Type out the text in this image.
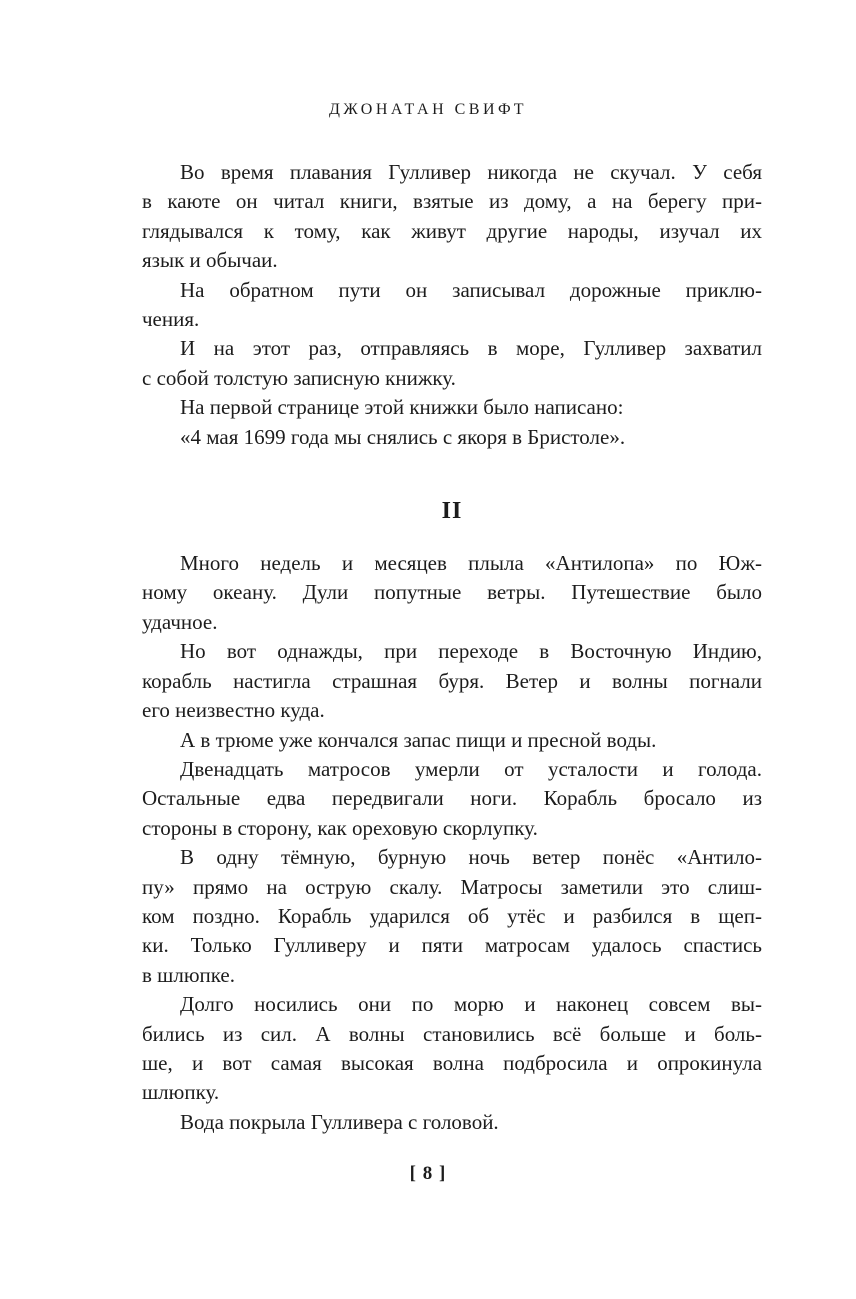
ДЖОНАТАН СВИФТ
Во время плавания Гулливер никогда не скучал. У себя
в каюте он читал книги, взятые из дому, а на берегу при-
глядывался к тому, как живут другие народы, изучал их
язык и обычаи.
На обратном пути он записывал дорожные приклю-
чения.
И на этот раз, отправляясь в море, Гулливер захватил
с собой толстую записную книжку.
На первой странице этой книжки было написано:
«4 мая 1699 года мы снялись с якоря в Бристоле».
II
Много недель и месяцев плыла «Антилопа» по Юж-
ному океану. Дули попутные ветры. Путешествие было
удачное.
Но вот однажды, при переходе в Восточную Индию,
корабль настигла страшная буря. Ветер и волны погнали
его неизвестно куда.
А в трюме уже кончался запас пищи и пресной воды.
Двенадцать матросов умерли от усталости и голода.
Остальные едва передвигали ноги. Корабль бросало из
стороны в сторону, как ореховую скорлупку.
В одну тёмную, бурную ночь ветер понёс «Антило-
пу» прямо на острую скалу. Матросы заметили это слиш-
ком поздно. Корабль ударился об утёс и разбился в щеп-
ки. Только Гулливеру и пяти матросам удалось спастись
в шлюпке.
Долго носились они по морю и наконец совсем вы-
бились из сил. А волны становились всё больше и боль-
ше, и вот самая высокая волна подбросила и опрокинула
шлюпку.
Вода покрыла Гулливера с головой.
[ 8 ]
